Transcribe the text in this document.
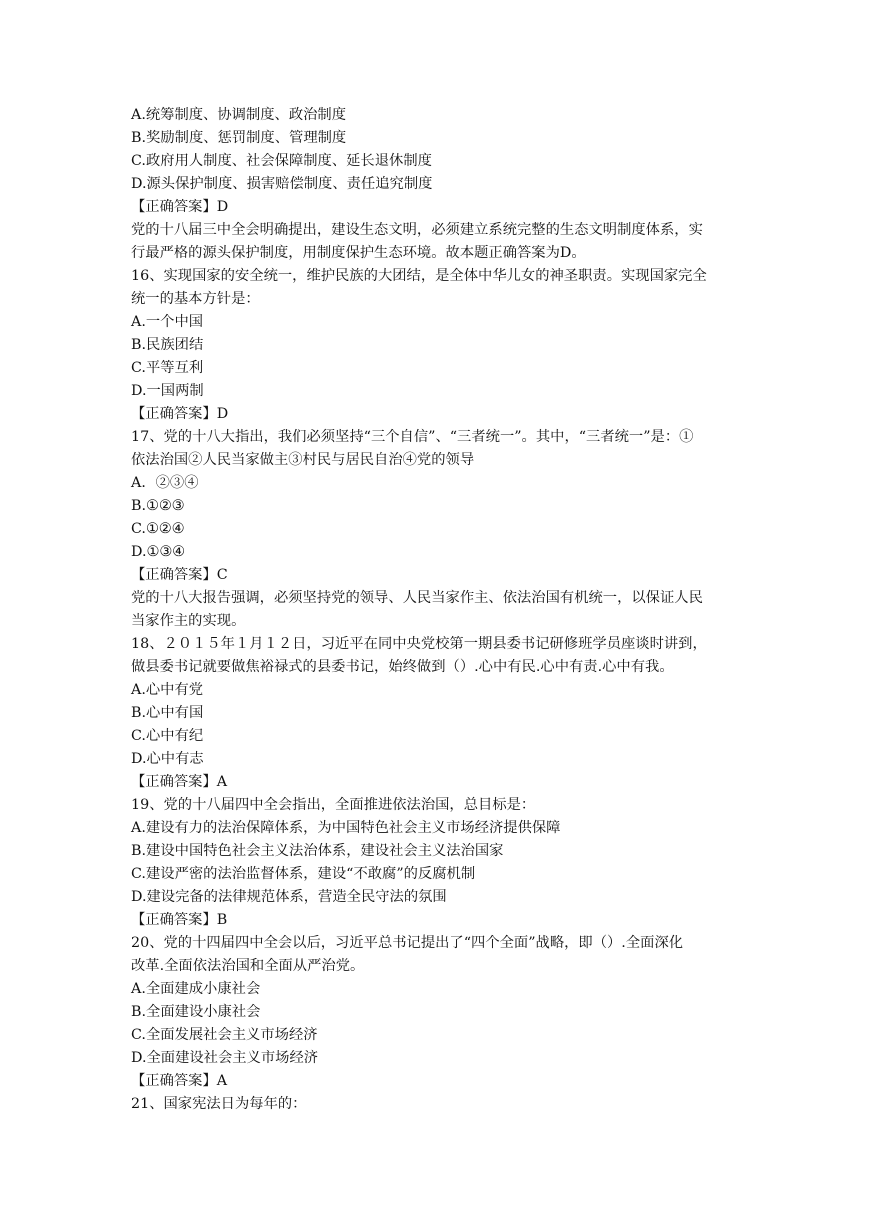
A.统筹制度、协调制度、政治制度
B.奖励制度、惩罚制度、管理制度
C.政府用人制度、社会保障制度、延长退休制度
D.源头保护制度、损害赔偿制度、责任追究制度
【正确答案】D
党的十八届三中全会明确提出，建设生态文明，必须建立系统完整的生态文明制度体系，实
行最严格的源头保护制度，用制度保护生态环境。故本题正确答案为D。
16、实现国家的安全统一，维护民族的大团结，是全体中华儿女的神圣职责。实现国家完全
统一的基本方针是：
A.一个中国
B.民族团结
C.平等互利
D.一国两制
【正确答案】D
17、党的十八大指出，我们必须坚持“三个自信”、“三者统一”。其中，“三者统一”是：①
依法治国②人民当家做主③村民与居民自治④党的领导
A．②③④
B.①②③
C.①②④
D.①③④
【正确答案】C
党的十八大报告强调，必须坚持党的领导、人民当家作主、依法治国有机统一，以保证人民
当家作主的实现。
18、２０１５年１月１２日，习近平在同中央党校第一期县委书记研修班学员座谈时讲到，
做县委书记就要做焦裕禄式的县委书记，始终做到（）.心中有民.心中有责.心中有我。
A.心中有党
B.心中有国
C.心中有纪
D.心中有志
【正确答案】A
19、党的十八届四中全会指出，全面推进依法治国，总目标是：
A.建设有力的法治保障体系，为中国特色社会主义市场经济提供保障
B.建设中国特色社会主义法治体系，建设社会主义法治国家
C.建设严密的法治监督体系，建设“不敢腐”的反腐机制
D.建设完备的法律规范体系，营造全民守法的氛围
【正确答案】B
20、党的十四届四中全会以后，习近平总书记提出了“四个全面”战略，即（）.全面深化
改革.全面依法治国和全面从严治党。
A.全面建成小康社会
B.全面建设小康社会
C.全面发展社会主义市场经济
D.全面建设社会主义市场经济
【正确答案】A
21、国家宪法日为每年的：
